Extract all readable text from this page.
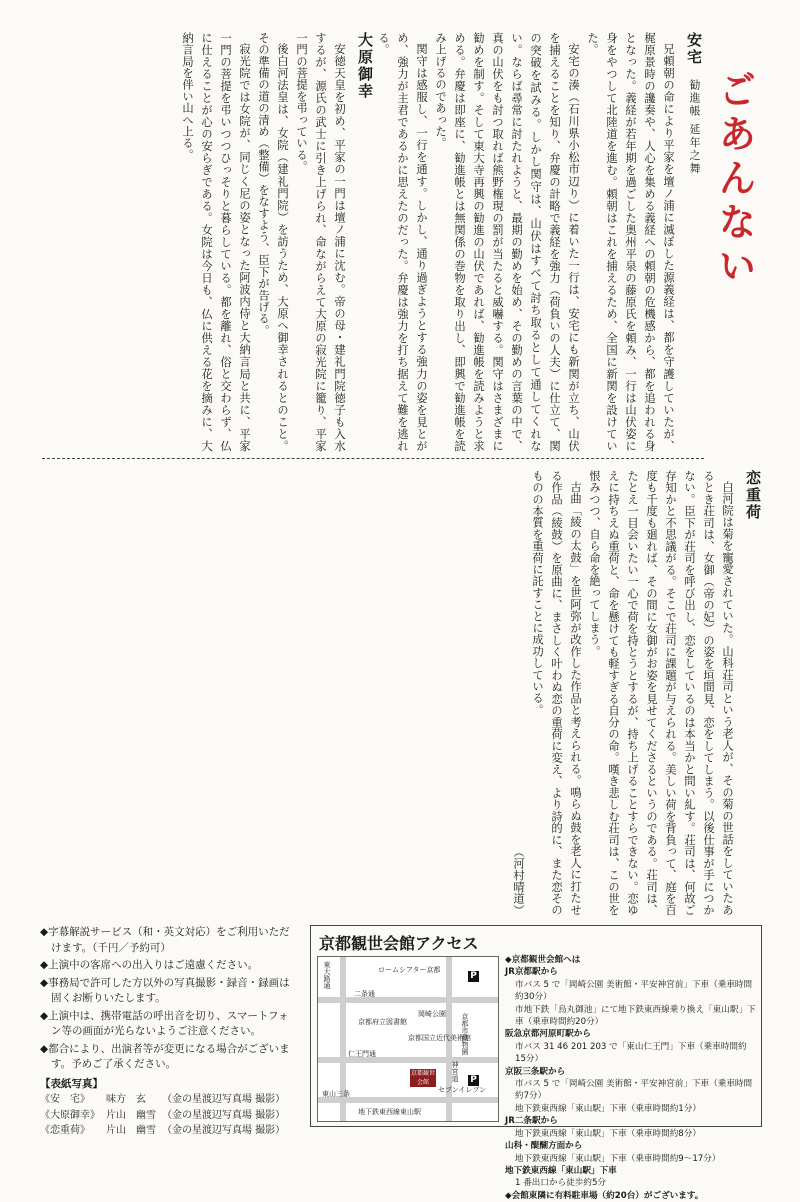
ごあんない
安宅 勧進帳 延年之舞

兄頼朝の命により平家を壇ノ浦に滅ぼした源義経は、都を守護していたが、梶原景時の讒奏や、人心を集める義経への頼朝の危機感から、都を追われる身となった。義経が若年期を過ごした奥州平泉の藤原氏を頼み、一行は山伏姿に身をやつして北陸道を進む。頼朝はこれを捕えるため、全国に新関を設けていた。

安宅の湊（石川県小松市辺り）に着いた一行は、安宅にも新関が立ち、山伏を捕えることを知り、弁慶の計略で義経を強力（荷負いの人夫）に仕立て、関の突破を試みる。しかし関守は、山伏はすべて討ち取るとして通してくれない。ならば尋常に討たれようと、最期の勤めを始め、その勤めの言葉の中で、真の山伏をも討つ取れば熊野権現の罰が当たると威嚇する。関守はさまざまに勧めを制す。そして東大寺再興の勧進の山伏であれば、勧進帳を読みようと求める。弁慶は即座に、勧進帳とは無関係の巻物を取り出し、即興で勧進帳を読み上げるのであった。

関守は感服し、一行を通す。しかし、通り過ぎようとする強力の姿を見とがめ、強力が主君であるかに思えたのだった。弁慶は強力を打ち据えて難を逃れる。

大原御幸

安徳天皇を初め、平家の一門は壇ノ浦に沈む。帝の母・建礼門院徳子も入水するが、源氏の武士に引き上げられ、命ながらえて大原の寂光院に籠り、平家一門の菩提を弔っている。

後白河法皇は、女院（建礼門院）を訪うため、大原へ御幸されるとのこと。その準備の道の清め（整備）をなすよう、臣下が告げる。

寂光院では女院が、同じく尼の姿となった阿波内侍と大納言局と共に、平家一門の菩提を弔いつつひっそりと暮らしている。都を離れ、俗と交わらず、仏に仕えることが心の安らぎである。女院は今日も、仏に供える花を摘みに、大納言局を伴い山へ上る。

恋重荷

白河院は菊を寵愛されていた。山科荘司という老人が、その菊の世話をしていたあるとき荘司は、女御（帝の妃）の姿を垣間見、恋をしてしまう。以後仕事が手につかない。臣下が荘司を呼び出し、恋をしているのは本当かと問い糺す。荘司は、何故ご存知かと不思議がる。そこで荘司に課題が与えられる。美しい荷を背負って、庭を百度も千度も廻れば、その間に女御がお姿を見せてくださるというのである。荘司は、たとえ一目会いたい一心で荷を持とうとするが、持ち上げることすらできない。恋ゆえに持ちえぬ重荷と、命を懸けても軽すぎる自分の命。嘆き悲しむ荘司は、この世を恨みつつ、自ら命を絶ってしまう。

古曲「綾の太鼓」を世阿弥が改作した作品と考えられる。鳴らぬ鼓を老人に打たせる作品（綾鼓）を原曲に、まさしく叶わぬ恋の重荷に変え、より詩的に、また恋そのものの本質を重荷に託すことに成功している。

（河村晴道）

◆字幕解説サービス（和・英文対応）をご利用いただけます。（千円／予約可）

◆上演中の客席への出入りはご遠慮ください。

◆事務局で許可した方以外の写真撮影・録音・録画は固くお断りいたします。

◆上演中は、携帯電話の呼出音を切り、スマートフォン等の画面が光らないようご注意ください。

◆都合により、出演者等が変更になる場合がございます。予めご了承ください。

【表紙写真】
《安　宅》	味方　玄	（金の星渡辺写真場 撮影）
《大原御幸》	片山　幽雪	（金の星渡辺写真場 撮影）
《恋重荷》	片山　幽雪	（金の星渡辺写真場 撮影）
京都観世会館アクセス
東大路通	ロームシアター京都
二条通
京都府立図書館
岡崎公園 京都市動物園
京都国立近代美術館
仁王門通
神宮道
セブンイレブン
東山三条
地下鉄東西線東山駅
京都観世会館
P
P

◆京都観世会館へは

JR京都駅から

市バス 5 で「岡崎公園 美術館・平安神宮前」下車（乗車時間約30分）

市地下鉄「烏丸御池」にて地下鉄東西線乗り換え「東山駅」下車（乗車時間約20分）

阪急京都河原町駅から

市バス 31 46 201 203 で「東山仁王門」下車（乗車時間約15分）

京阪三条駅から

市バス 5 で「岡崎公園 美術館・平安神宮前」下車（乗車時間約7分）

地下鉄東西線「東山駅」下車（乗車時間約1分）

JR二条駅から

地下鉄東西線「東山駅」下車（乗車時間約8分）

山科・醍醐方面から

地下鉄東西線「東山駅」下車（乗車時間約9〜17分）

地下鉄東西線「東山駅」下車

1 番出口から徒歩約5分

◆会館東隣に有料駐車場（約20台）がございます。
